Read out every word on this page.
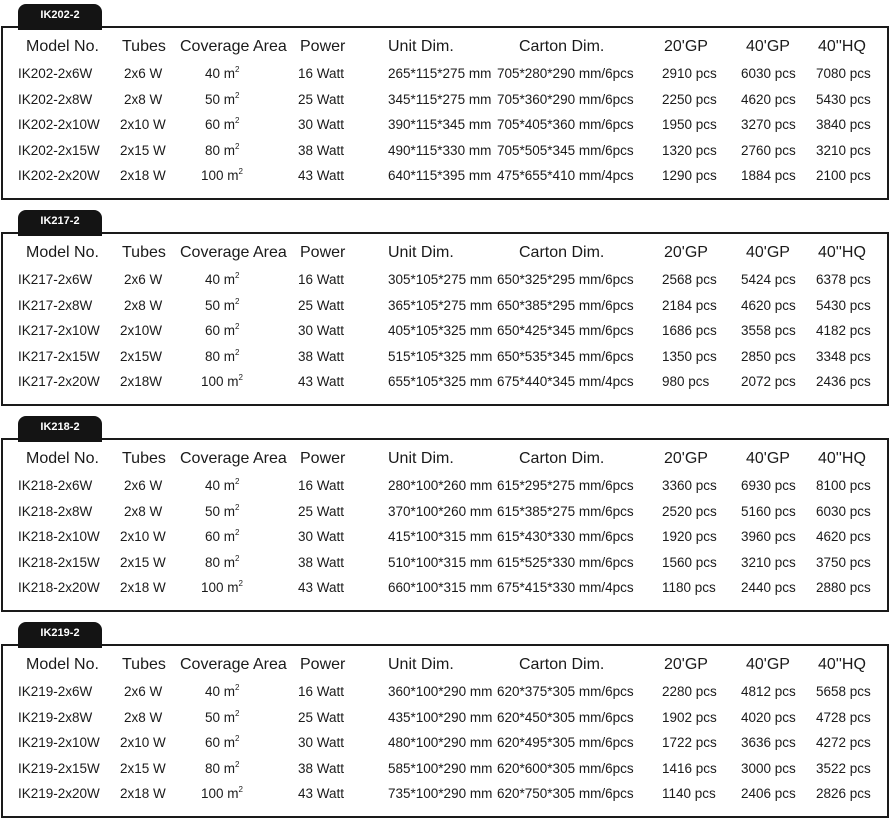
IK202-2
Model No. Tubes Coverage Area Power	Unit Dim.	Carton Dim.	20'GP 40'GP 40''HQ
IK202-2x6W 2x6 W	40 $m^2$	16 Watt	265*115*275 mm 705*280*290 mm/6pcs 2910 pcs 6030 pcs 7080 pcs
IK202-2x8W 2x8 W	50 $m^2$	25 Watt	345*115*275 mm 705*360*290 mm/6pcs 2250 pcs 4620 pcs 5430 pcs
IK202-2x10W 2x10 W	60 $m^2$	30 Watt	390*115*345 mm 705*405*360 mm/6pcs 1950 pcs 3270 pcs 3840 pcs
IK202-2x15W 2x15 W	80 $m^2$	38 Watt	490*115*330 mm 705*505*345 mm/6pcs 1320 pcs 2760 pcs 3210 pcs
IK202-2x20W 2x18 W	100 $m^2$	43 Watt	640*115*395 mm 475*655*410 mm/4pcs 1290 pcs 1884 pcs 2100 pcs
IK217-2
Model No. Tubes Coverage Area Power	Unit Dim.	Carton Dim.	20'GP 40'GP 40''HQ
IK217-2x6W 2x6 W	40 $m^2$	16 Watt	305*105*275 mm 650*325*295 mm/6pcs 2568 pcs 5424 pcs 6378 pcs
IK217-2x8W 2x8 W	50 $m^2$	25 Watt	365*105*275 mm 650*385*295 mm/6pcs 2184 pcs 4620 pcs 5430 pcs
IK217-2x10W 2x10W	60 $m^2$	30 Watt	405*105*325 mm 650*425*345 mm/6pcs 1686 pcs 3558 pcs 4182 pcs
IK217-2x15W 2x15W	80 $m^2$	38 Watt	515*105*325 mm 650*535*345 mm/6pcs 1350 pcs 2850 pcs 3348 pcs
IK217-2x20W 2x18W	100 $m^2$	43 Watt	655*105*325 mm 675*440*345 mm/4pcs 980 pcs 2072 pcs 2436 pcs
IK218-2
Model No. Tubes Coverage Area Power	Unit Dim.	Carton Dim.	20'GP 40'GP 40''HQ
IK218-2x6W 2x6 W	40 $m^2$	16 Watt	280*100*260 mm 615*295*275 mm/6pcs 3360 pcs 6930 pcs 8100 pcs
IK218-2x8W 2x8 W	50 $m^2$	25 Watt	370*100*260 mm 615*385*275 mm/6pcs 2520 pcs 5160 pcs 6030 pcs
IK218-2x10W 2x10 W	60 $m^2$	30 Watt	415*100*315 mm 615*430*330 mm/6pcs 1920 pcs 3960 pcs 4620 pcs
IK218-2x15W 2x15 W	80 $m^2$	38 Watt	510*100*315 mm 615*525*330 mm/6pcs 1560 pcs 3210 pcs 3750 pcs
IK218-2x20W 2x18 W	100 $m^2$	43 Watt	660*100*315 mm 675*415*330 mm/4pcs 1180 pcs 2440 pcs 2880 pcs
IK219-2
Model No. Tubes Coverage Area Power	Unit Dim.	Carton Dim.	20'GP 40'GP 40''HQ
IK219-2x6W 2x6 W	40 $m^2$	16 Watt	360*100*290 mm 620*375*305 mm/6pcs 2280 pcs 4812 pcs 5658 pcs
IK219-2x8W 2x8 W	50 $m^2$	25 Watt	435*100*290 mm 620*450*305 mm/6pcs 1902 pcs 4020 pcs 4728 pcs
IK219-2x10W 2x10 W	60 $m^2$	30 Watt	480*100*290 mm 620*495*305 mm/6pcs 1722 pcs 3636 pcs 4272 pcs
IK219-2x15W 2x15 W	80 $m^2$	38 Watt	585*100*290 mm 620*600*305 mm/6pcs 1416 pcs 3000 pcs 3522 pcs
IK219-2x20W 2x18 W	100 $m^2$	43 Watt	735*100*290 mm 620*750*305 mm/6pcs 1140 pcs 2406 pcs 2826 pcs
